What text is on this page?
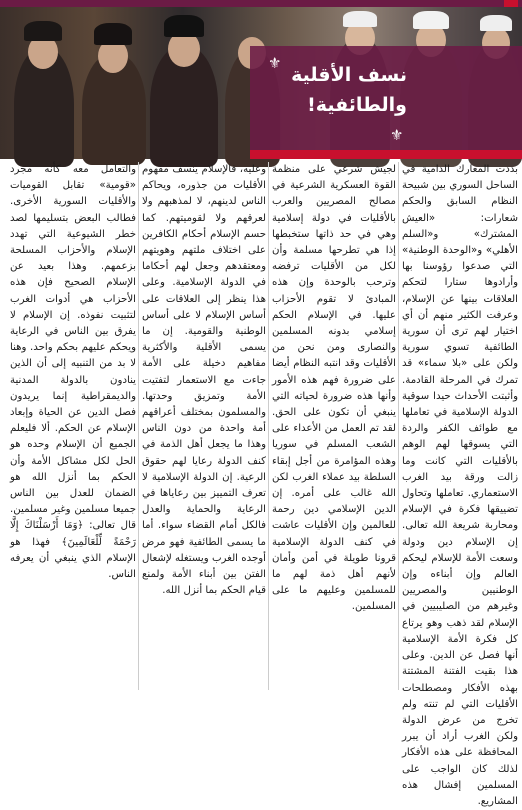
⚜
⚜
نسف الأقلية
والطائفية!

بددت المعارك الدامية في الساحل السوري بين شبيحة النظام السابق والحكم شعارات: «العيش المشترك» و«السلم الأهلي» و«الوحدة الوطنية» التي صدعوا رؤوسنا بها وأرادوها ستارا لتحكم العلاقات بينها عن الإسلام، وعرفت الكثير منهم أن أي اختيار لهم ترى أن سورية الطائفية تسوي سورية ولكن على «بلا سماء» قد تمرك في المرحلة القادمة. وأثبتت الأحداث حيدا سوقية الدولة الإسلامية في تعاملها مع طوائف الكفر والردة التي يسوقها لهم الوهم بالأقليات التي كانت وما زالت ورقة بيد الغرب الاستعماري. تعاملها وتحاول تضييقها فكرة في الإسلام ومحاربة شريعة الله تعالى. إن الإسلام دين ودولة وسعت الأمة للإسلام ليحكم العالم وإن أبناءه وإن الوطنيين والمصريين وغيرهم من الصليبيين في الإسلام لقد ذهب وهو يرتاع كل فكرة الأمة الإسلامية أنها فصل عن الدين. وعلى هذا بقيت الفتنة المشتتة بهذه الأفكار ومصطلحات الأقليات التي لم تنته ولم تخرج من عرض الدولة ولكن الغرب أراد أن يبرر المحافظة على هذه الأفكار لذلك كان الواجب على المسلمين إفشال هذه المشاريع.

لجيش شرعي على منظمة القوة العسكرية الشرعية في مصالح المصريين والعرب بالأقليات في دولة إسلامية وهي في حد ذاتها ستخبطها إذا هي تطرحها مسلمة وأن لكل من الأقليات ترفضه وترحب بالوحدة وإن هذه المبادئ لا تقوم الأحزاب عليها. في الإسلام الحكم إسلامي بدونه المسلمين والنصارى ومن نحن من الأقليات وقد انتبه النظام أيضا على ضرورة فهم هذه الأمور وأنها هذه ضرورة لحياته التي ينبغي أن تكون على الحق. لقد تم العمل من الأعداء على الشعب المسلم في سوريا وهذه المؤامرة من أجل إبقاء السلطة بيد عملاء الغرب لكن الله غالب على أمره. إن الدين الإسلامي دين رحمة للعالمين وإن الأقليات عاشت في كنف الدولة الإسلامية قرونا طويلة في أمن وأمان لأنهم أهل ذمة لهم ما للمسلمين وعليهم ما على المسلمين.

وعليه، فالإسلام ينسف مفهوم الأقليات من جذوره، ويحاكم الناس لدينهم، لا لمذهبهم ولا لعرقهم ولا لقوميتهم. كما حسم الإسلام أحكام الكافرين على اختلاف ملتهم وهويتهم ومعتقدهم وجعل لهم أحكاما في الدولة الإسلامية. وعلى هذا ينظر إلى العلاقات على أساس الإسلام لا على أساس الوطنية والقومية. إن ما يسمى الأقلية والأكثرية مفاهيم دخيلة على الأمة جاءت مع الاستعمار لتفتيت الأمة وتمزيق وحدتها. والمسلمون بمختلف أعراقهم أمة واحدة من دون الناس وهذا ما يجعل أهل الذمة في كنف الدولة رعايا لهم حقوق الرعية. إن الدولة الإسلامية لا تعرف التمييز بين رعاياها في الرعاية والحماية والعدل فالكل أمام القضاء سواء. أما ما يسمى الطائفية فهو مرض أوجده الغرب ويستغله لإشعال الفتن بين أبناء الأمة ولمنع قيام الحكم بما أنزل الله.

والتعامل معه كأنه مجرد «قومية» تقابل القوميات والأقليات السورية الأخرى. فطالب البعض بتسليمها لصد خطر الشيوعية التي تهدد الإسلام والأحزاب المسلحة بزعمهم. وهذا بعيد عن الإسلام الصحيح فإن هذه الأحزاب هي أدوات الغرب لتثبيت نفوذه. إن الإسلام لا يفرق بين الناس في الرعاية ويحكم عليهم بحكم واحد. وهنا لا بد من التنبيه إلى أن الذين ينادون بالدولة المدنية والديمقراطية إنما يريدون فصل الدين عن الحياة وإبعاد الإسلام عن الحكم. ألا فليعلم الجميع أن الإسلام وحده هو الحل لكل مشاكل الأمة وأن الحكم بما أنزل الله هو الضمان للعدل بين الناس جميعا مسلمين وغير مسلمين. قال تعالى: ﴿وَمَا أَرْسَلْنَاكَ إِلَّا رَحْمَةً لِّلْعَالَمِينَ﴾ فهذا هو الإسلام الذي ينبغي أن يعرفه الناس.
